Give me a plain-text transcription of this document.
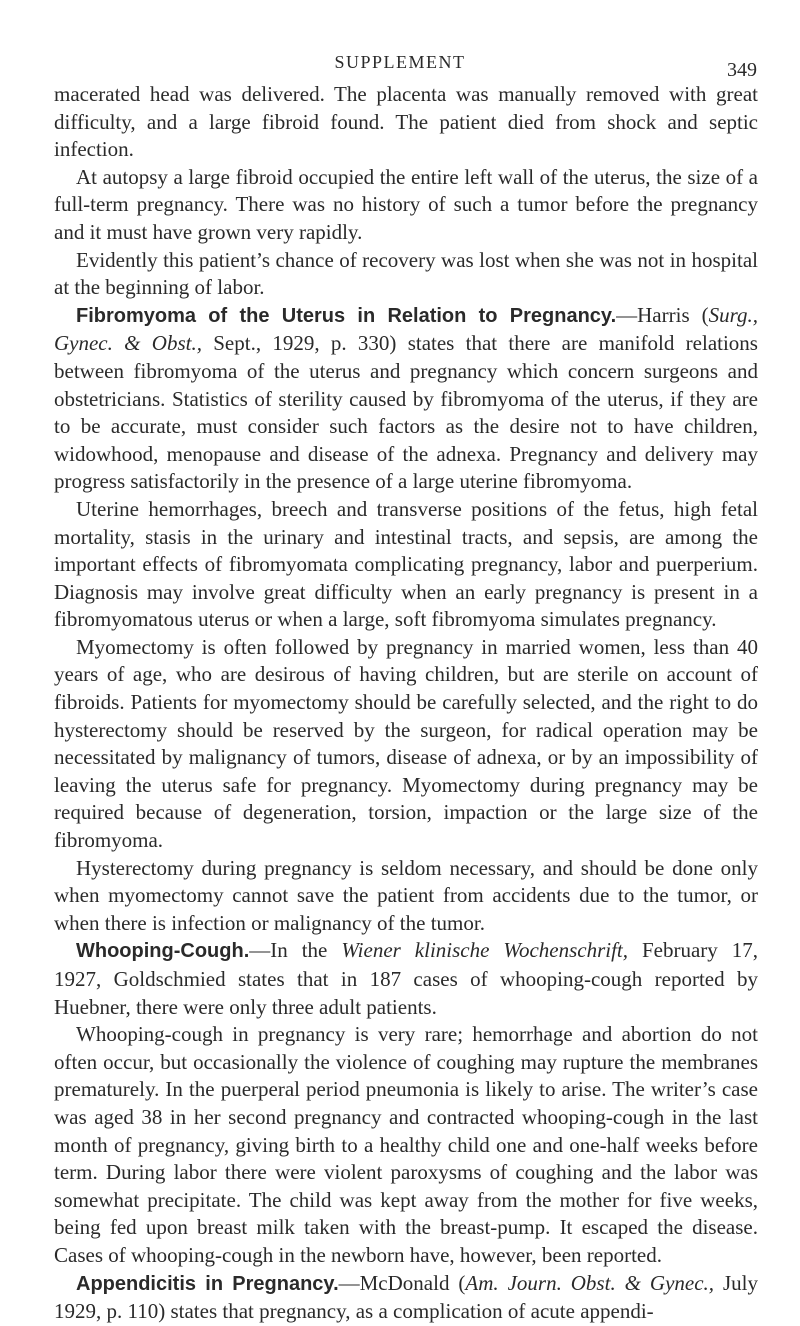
SUPPLEMENT	349

macerated head was delivered. The placenta was manually removed with great difficulty, and a large fibroid found. The patient died from shock and septic infection.

At autopsy a large fibroid occupied the entire left wall of the uterus, the size of a full-term pregnancy. There was no history of such a tumor before the pregnancy and it must have grown very rapidly.

Evidently this patient’s chance of recovery was lost when she was not in hospital at the beginning of labor.

Fibromyoma of the Uterus in Relation to Pregnancy.—Harris (Surg., Gynec. & Obst., Sept., 1929, p. 330) states that there are manifold relations between fibromyoma of the uterus and pregnancy which concern surgeons and obstetricians. Statistics of sterility caused by fibromyoma of the uterus, if they are to be accurate, must consider such factors as the desire not to have children, widowhood, menopause and disease of the adnexa. Pregnancy and delivery may progress satisfactorily in the presence of a large uterine fibromyoma.

Uterine hemorrhages, breech and transverse positions of the fetus, high fetal mortality, stasis in the urinary and intestinal tracts, and sepsis, are among the important effects of fibromyomata complicating pregnancy, labor and puerperium. Diagnosis may involve great difficulty when an early pregnancy is present in a fibromyomatous uterus or when a large, soft fibromyoma simulates pregnancy.

Myomectomy is often followed by pregnancy in married women, less than 40 years of age, who are desirous of having children, but are sterile on account of fibroids. Patients for myomectomy should be carefully selected, and the right to do hysterectomy should be reserved by the surgeon, for radical operation may be necessitated by malignancy of tumors, disease of adnexa, or by an impossibility of leaving the uterus safe for pregnancy. Myomectomy during pregnancy may be required because of degeneration, torsion, impaction or the large size of the fibromyoma.

Hysterectomy during pregnancy is seldom necessary, and should be done only when myomectomy cannot save the patient from accidents due to the tumor, or when there is infection or malignancy of the tumor.

Whooping-Cough.—In the Wiener klinische Wochenschrift, February 17, 1927, Goldschmied states that in 187 cases of whooping-cough reported by Huebner, there were only three adult patients.

Whooping-cough in pregnancy is very rare; hemorrhage and abortion do not often occur, but occasionally the violence of coughing may rupture the membranes prematurely. In the puerperal period pneumonia is likely to arise. The writer’s case was aged 38 in her second pregnancy and contracted whooping-cough in the last month of pregnancy, giving birth to a healthy child one and one-half weeks before term. During labor there were violent paroxysms of coughing and the labor was somewhat precipitate. The child was kept away from the mother for five weeks, being fed upon breast milk taken with the breast-pump. It escaped the disease. Cases of whooping-cough in the newborn have, however, been reported.

Appendicitis in Pregnancy.—McDonald (Am. Journ. Obst. & Gynec., July 1929, p. 110) states that pregnancy, as a complication of acute appendi-
